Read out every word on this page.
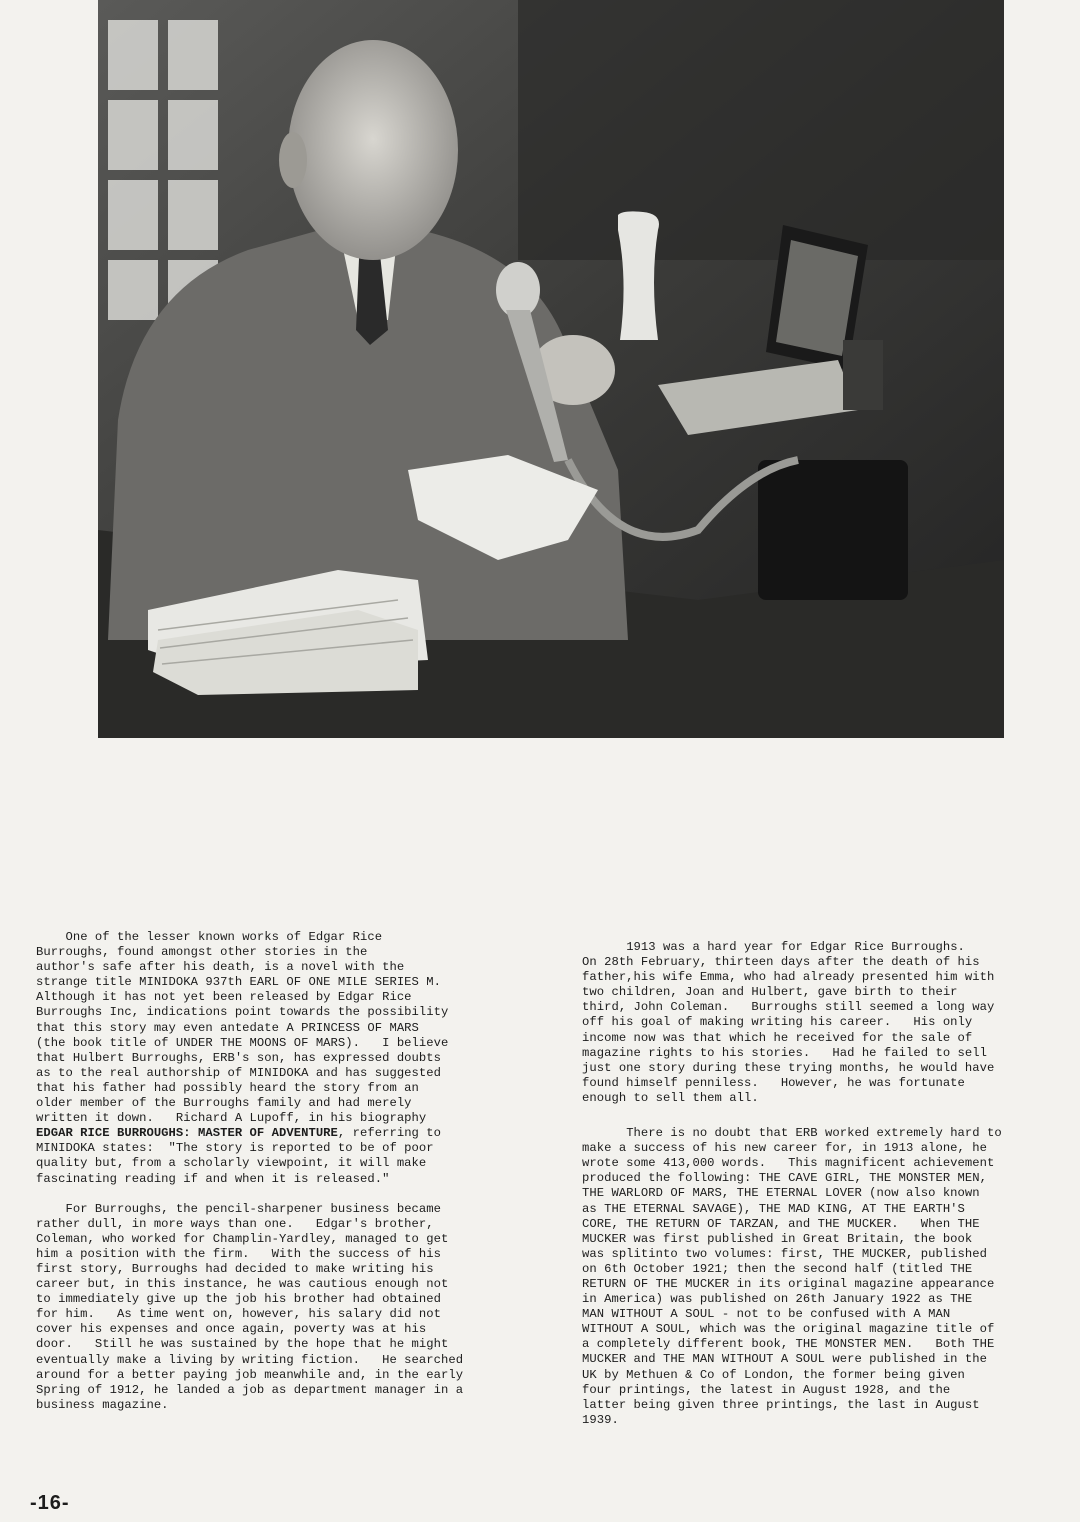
One of the lesser known works of Edgar Rice
Burroughs, found amongst other stories in the
author's safe after his death, is a novel with the
strange title MINIDOKA 937th EARL OF ONE MILE SERIES M.
Although it has not yet been released by Edgar Rice
Burroughs Inc, indications point towards the possibility
that this story may even antedate A PRINCESS OF MARS
(the book title of UNDER THE MOONS OF MARS).   I believe
that Hulbert Burroughs, ERB's son, has expressed doubts
as to the real authorship of MINIDOKA and has suggested
that his father had possibly heard the story from an
older member of the Burroughs family and had merely
written it down.   Richard A Lupoff, in his biography
EDGAR RICE BURROUGHS: MASTER OF ADVENTURE, referring to
MINIDOKA states:  "The story is reported to be of poor
quality but, from a scholarly viewpoint, it will make
fascinating reading if and when it is released."

For Burroughs, the pencil-sharpener business became
rather dull, in more ways than one.   Edgar's brother,
Coleman, who worked for Champlin-Yardley, managed to get
him a position with the firm.   With the success of his
first story, Burroughs had decided to make writing his
career but, in this instance, he was cautious enough not
to immediately give up the job his brother had obtained
for him.   As time went on, however, his salary did not
cover his expenses and once again, poverty was at his
door.   Still he was sustained by the hope that he might
eventually make a living by writing fiction.   He searched
around for a better paying job meanwhile and, in the early
Spring of 1912, he landed a job as department manager in a
business magazine.

1913 was a hard year for Edgar Rice Burroughs.
On 28th February, thirteen days after the death of his
father,his wife Emma, who had already presented him with
two children, Joan and Hulbert, gave birth to their
third, John Coleman.   Burroughs still seemed a long way
off his goal of making writing his career.   His only
income now was that which he received for the sale of
magazine rights to his stories.   Had he failed to sell
just one story during these trying months, he would have
found himself penniless.   However, he was fortunate
enough to sell them all.

There is no doubt that ERB worked extremely hard to
make a success of his new career for, in 1913 alone, he
wrote some 413,000 words.   This magnificent achievement
produced the following: THE CAVE GIRL, THE MONSTER MEN,
THE WARLORD OF MARS, THE ETERNAL LOVER (now also known
as THE ETERNAL SAVAGE), THE MAD KING, AT THE EARTH'S
CORE, THE RETURN OF TARZAN, and THE MUCKER.   When THE
MUCKER was first published in Great Britain, the book
was splitinto two volumes: first, THE MUCKER, published
on 6th October 1921; then the second half (titled THE
RETURN OF THE MUCKER in its original magazine appearance
in America) was published on 26th January 1922 as THE
MAN WITHOUT A SOUL - not to be confused with A MAN
WITHOUT A SOUL, which was the original magazine title of
a completely different book, THE MONSTER MEN.   Both THE
MUCKER and THE MAN WITHOUT A SOUL were published in the
UK by Methuen & Co of London, the former being given
four printings, the latest in August 1928, and the
latter being given three printings, the last in August
1939.

-16-
